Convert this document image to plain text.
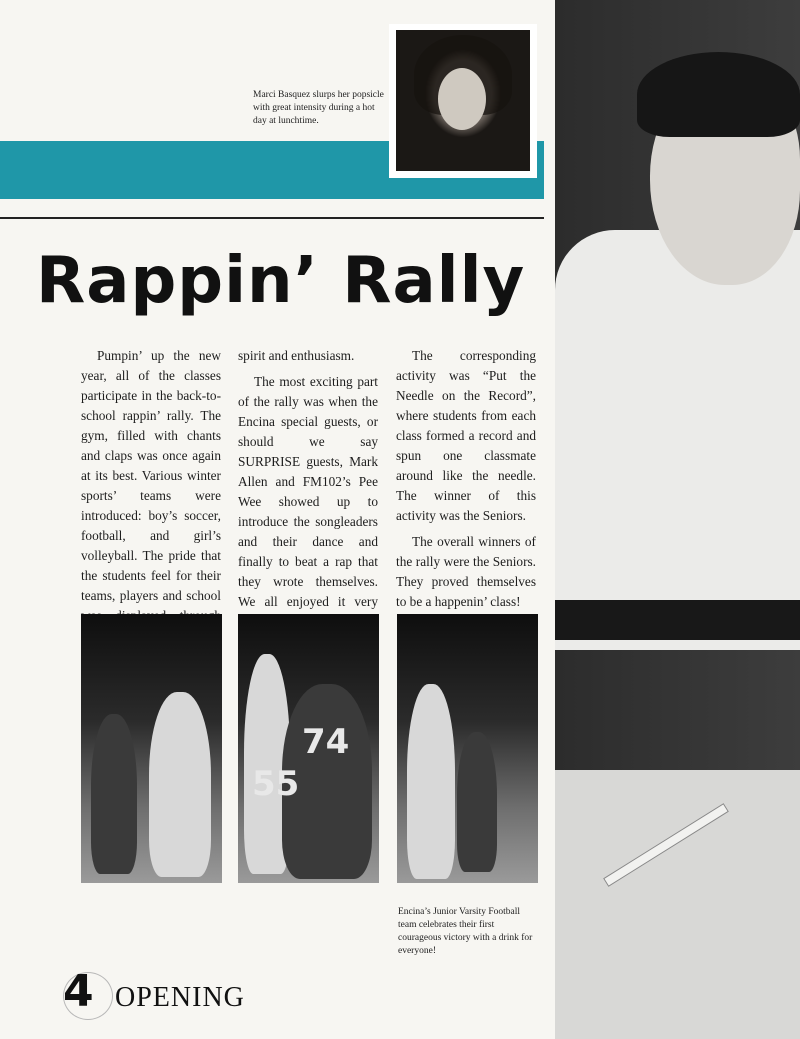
Marci Basquez slurps her popsicle with great intensity during a hot day at lunchtime.
Rappin’ Rally

Pumpin’ up the new year, all of the classes participate in the back-to-school rappin’ rally. The gym, filled with chants and claps was once again at its best. Various winter sports’ teams were introduced: boy’s soccer, football, and girl’s volleyball. The pride that the students feel for their teams, players and school

spirit and enthusiasm.

The most exciting part of the rally was when the Encina special guests, or should we say SURPRISE guests, Mark Allen and FM102’s Pee Wee showed up to introduce the songleaders and their dance and finally to beat a rap that they wrote themselves. We all enjoyed it very

The corresponding activity was “Put the Needle on the Record”, where students from each class formed a record and spun one classmate around like the needle. The winner of this activity was the Seniors.

The overall winners of the rally were the Seniors. They proved themselves to be a happenin’ class!

55
74
Encina’s Junior Varsity Football team celebrates their first courageous victory with a drink for everyone!
4 OPENING
